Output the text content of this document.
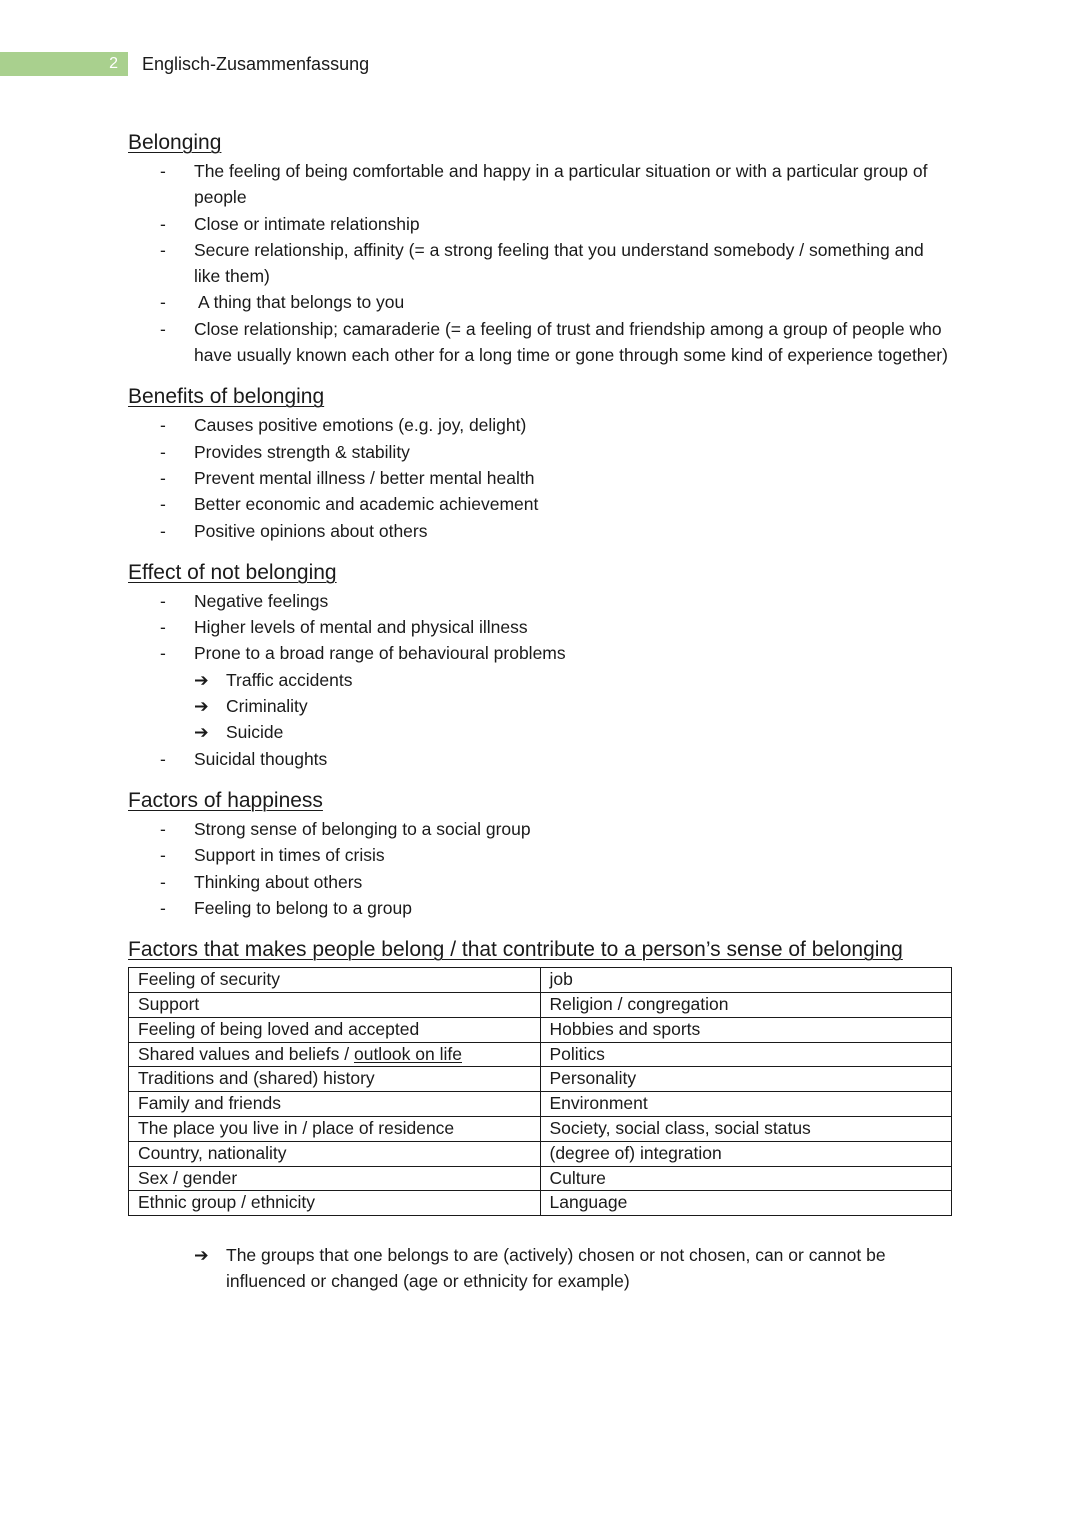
2 Englisch-Zusammenfassung
Belonging
- The feeling of being comfortable and happy in a particular situation or with a particular group of people
- Close or intimate relationship
- Secure relationship, affinity (= a strong feeling that you understand somebody / something and like them)
- A thing that belongs to you
- Close relationship; camaraderie (= a feeling of trust and friendship among a group of people who have usually known each other for a long time or gone through some kind of experience together)
Benefits of belonging
- Causes positive emotions (e.g. joy, delight)
- Provides strength & stability
- Prevent mental illness / better mental health
- Better economic and academic achievement
- Positive opinions about others
Effect of not belonging
- Negative feelings
- Higher levels of mental and physical illness
- Prone to a broad range of behavioural problems
➔ Traffic accidents
➔ Criminality
➔ Suicide
- Suicidal thoughts
Factors of happiness
- Strong sense of belonging to a social group
- Support in times of crisis
- Thinking about others
- Feeling to belong to a group
Factors that makes people belong / that contribute to a person’s sense of belonging
Feeling of security	job
Support	Religion / congregation
Feeling of being loved and accepted	Hobbies and sports
Shared values and beliefs / outlook on life	Politics
Traditions and (shared) history	Personality
Family and friends	Environment
The place you live in / place of residence	Society, social class, social status
Country, nationality	(degree of) integration
Sex / gender	Culture
Ethnic group / ethnicity	Language
➔ The groups that one belongs to are (actively) chosen or not chosen, can or cannot be influenced or changed (age or ethnicity for example)
